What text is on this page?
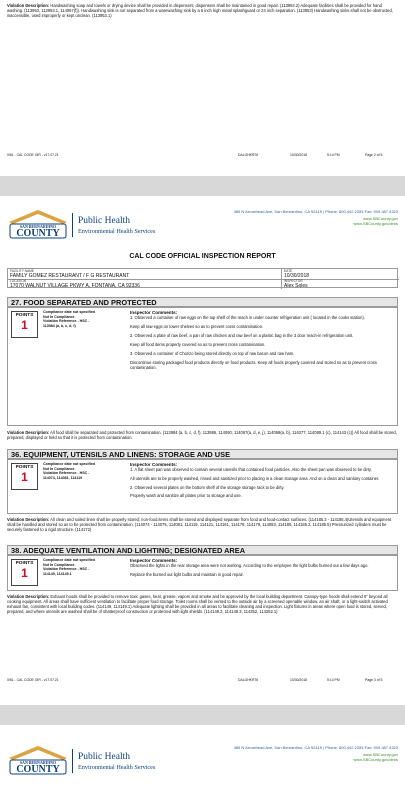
Violation Description: Handwashing soap and towels or drying device shall be provided in dispensers; dispensers shall be maintained in good repair. (113953.2) Adequate facilities shall be provided for hand washing. (113953, 113953.1, 114067(f)). Handwashing sink is not separated from a warewashing sink by a 6 inch high metal splashguard or 24 inch separation. (113953) Handwashing sinks shall not be obstructed, inaccessible, used improperly or kept unclean. (113953.1)
0/61 - CAL CODE OIR - v17.07.21	DALGHKR76	10/30/2018	5:14 PM	Page 2 of 5
SAN BERNARDINO
COUNTY
Public Health
Environmental Health Services
385 N Arrowhead Ave, San Bernardino, CA 92415 | Phone: 800.442.2283 Fax: 909.387.4323
www.SBCounty.gov
www.SBCounty.gov/dehs
CAL CODE OFFICIAL INSPECTION REPORT
FACILITY NAME
FAMILY GOMEZ RESTAURANT / F G RESTAURANT
DATE
10/30/2018
LOCATION
17070 WALNUT VILLAGE PKWY A, FONTANA, CA 92336
INSPECTOR
Alex Soles
27. FOOD SEPARATED AND PROTECTED
POINTS
1
Compliance date not specified
Not In Compliance
Violation Reference - HSC -
113984 (a, b, c, d, f)
Inspector Comments:
1. Observed a container of raw eggs on the top shelf of the reach in under counter refrigeration unit ( located in the cooks station).
Keep all raw eggs on lower shelves so as to prevent cross contamination.
2. Observed a plate of raw beef, a pan of raw chicken and raw beef on a plastic bag in the 3 door reach-in refrigeration unit.
Keep all food items properly covered so as to prevent cross contamination.
3. Observed a container of Chorizo being stored directly on top of raw bacon and raw ham.
Discontinue storing packaged food products directly on food products. Keep all foods properly covered and stored so as to prevent cross contamination.
Violation Description: All food shall be separated and protected from contamination. (113984 (a, b, c, d, f), 113986, 114060, 114067(a, d, e, j), 114069(a, b), 114077, 114089.1 (c), 114143 (c)) All food shall be stored, prepared, displayed or held so that it is protected from contamination.
36. EQUIPMENT, UTENSILS AND LINENS: STORAGE AND USE
POINTS
1
Compliance date not specified
Not In Compliance
Violation Reference - HSC -
114074, 114081, 114119
Inspector Comments:
1. A flat sheet pan was observed to contain several utensils that contained food particles. Also the sheet pan was observed to be dirty.
All utensils are to be properly washed, rinsed and sanitized prior to placing in a clean storage area. And on a clean and sanitary container.
2. Observed several plates on the bottom shelf of the storage storage rack to be dirty.
Properly wash and sanitize all plates prior to storage and use.
Violation Description: All clean and soiled linen shall be properly stored; non-food items shall be stored and displayed separate from food and food-contact surfaces. (114185.3 - 114185.4)Utensils and equipment shall be handled and stored so as to be protected from contamination. (114074 - 114075, 114081, 114119, 114121, 114161, 114178, 114179, 114083, 114185, 114185.2, 114185.5) Pressurized cylinders must be securely fastened to a rigid structure. (114172)
38. ADEQUATE VENTILATION AND LIGHTING; DESIGNATED AREA
POINTS
1
Compliance date not specified
Not In Compliance
Violation Reference - HSC -
114149, 114149.1
Inspector Comments:
Observed the lights in the rear storage area were not working. According to the employee the light bulbs burned out a few days ago.
Replace the burned out light bulbs and maintain in good repair.
Violation Description: Exhaust hoods shall be provided to remove toxic gases, heat, grease, vapors and smoke and be approved by the local building department. Canopy-type hoods shall extend 6" beyond all cooking equipment. All areas shall have sufficient ventilation to facilitate proper food storage. Toilet rooms shall be vented to the outside air by a screened openable window, an air shaft, or a light-switch activated exhaust fan, consistent with local building codes. (114149, 114149.1) Adequate lighting shall be provided in all areas to facilitate cleaning and inspection. Light fixtures in areas where open food is stored, served, prepared, and where utensils are washed shall be of shatterproof construction or protected with light shields. (114149.2, 114149.3, 114252, 114252.1)
0/61 - CAL CODE OIR - v17.07.21	DALGHKR76	10/30/2018	5:14 PM	Page 3 of 5
SAN BERNARDINO
COUNTY
Public Health
Environmental Health Services
385 N Arrowhead Ave, San Bernardino, CA 92415 | Phone: 800.442.2283 Fax: 909.387.4323
www.SBCounty.gov
www.SBCounty.gov/dehs
